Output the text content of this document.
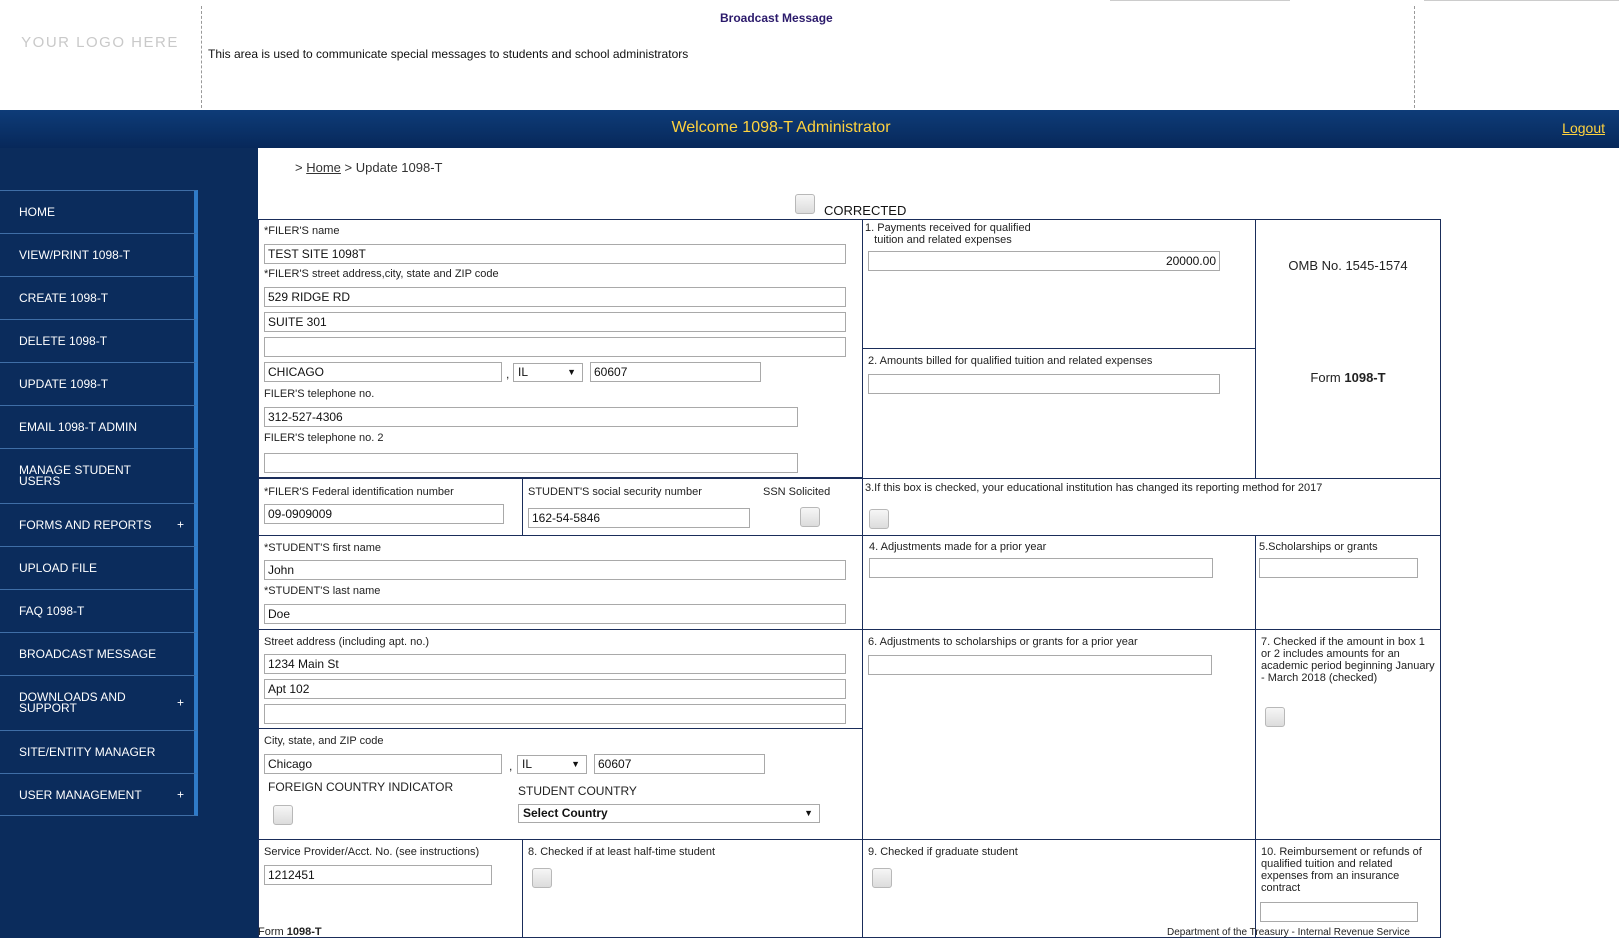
YOUR LOGO HERE
Broadcast Message
This area is used to communicate special messages to students and school administrators
Welcome 1098-T Administrator	Logout
HOME
VIEW/PRINT 1098-T
CREATE 1098-T
DELETE 1098-T
UPDATE 1098-T
EMAIL 1098-T ADMIN
MANAGE STUDENT USERS
FORMS AND REPORTS +
UPLOAD FILE
FAQ 1098-T
BROADCAST MESSAGE
DOWNLOADS AND SUPPORT	+
SITE/ENTITY MANAGER
USER MANAGEMENT	+
> Home > Update 1098-T
CORRECTED
*FILER'S name
TEST SITE 1098T
*FILER'S street address,city, state and ZIP code
529 RIDGE RD
SUITE 301
CHICAGO	, IL	▼	60607
FILER'S telephone no.
312-527-4306
FILER'S telephone no. 2
1. Payments received for qualified
tuition and related expenses
20000.00
2. Amounts billed for qualified tuition and related expenses
OMB No. 1545-1574
Form 1098-T
*FILER'S Federal identification number
09-0909009
STUDENT'S social security number
162-54-5846
SSN Solicited	3.If this box is checked, your educational institution has changed its reporting method for 2017
*STUDENT'S first name
John
*STUDENT'S last name
Doe
4. Adjustments made for a prior year	5.Scholarships or grants
Street address (including apt. no.)
1234 Main St
Apt 102
City, state, and ZIP code
Chicago	, IL	▼	60607
FOREIGN COUNTRY INDICATOR	STUDENT COUNTRY
Select Country	▼
6. Adjustments to scholarships or grants for a prior year	7. Checked if the amount in box 1 or 2 includes amounts for an academic period beginning January - March 2018 (checked)
Service Provider/Acct. No. (see instructions)
1212451
8. Checked if at least half-time student	9. Checked if graduate student	10. Reimbursement or refunds of qualified tuition and related expenses from an insurance contract
Form 1098-T	Department of the Treasury - Internal Revenue Service
